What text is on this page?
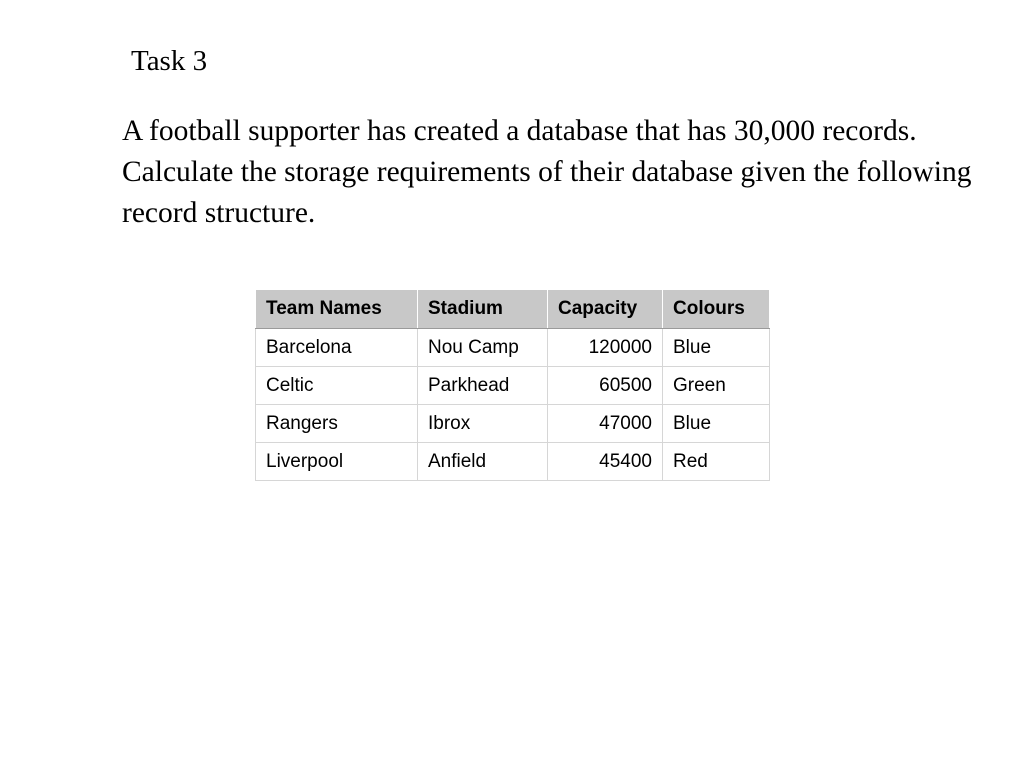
Task 3

A football supporter has created a database that has 30,000 records. Calculate the storage requirements of their database given the following record structure.

Team Names	Stadium	Capacity	Colours
Barcelona	Nou Camp	120000	Blue
Celtic	Parkhead	60500	Green
Rangers	Ibrox	47000	Blue
Liverpool	Anfield	45400	Red
